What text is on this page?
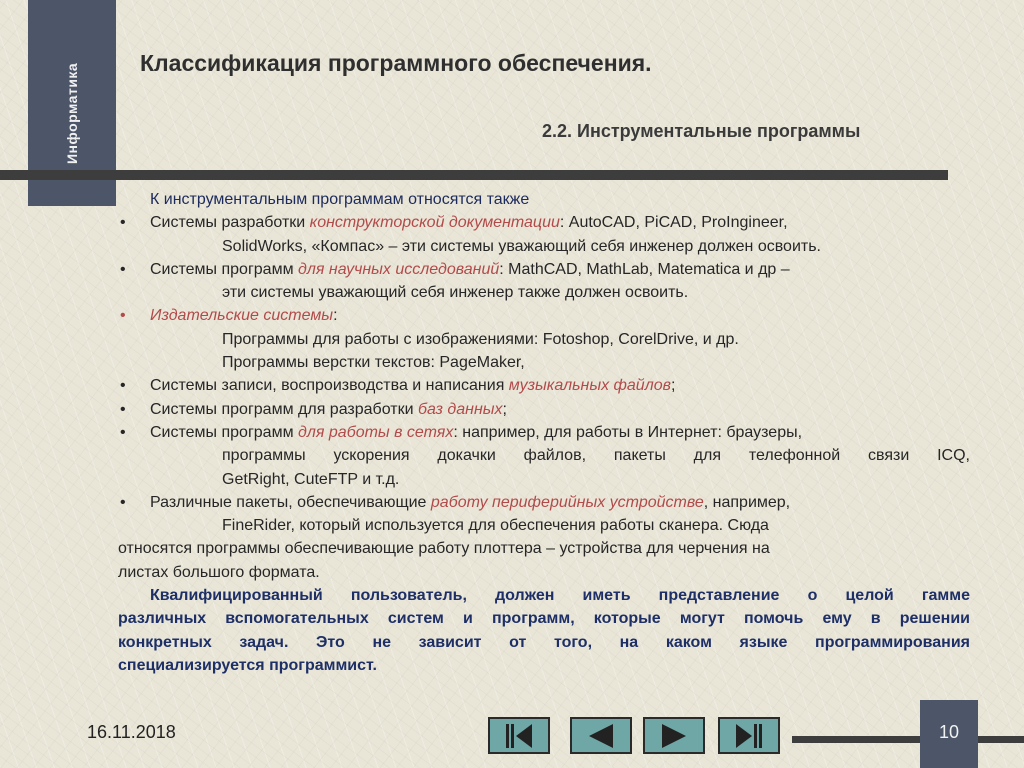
Информатика	Классификация программного обеспечения.
2.2. Инструментальные программы
К инструментальным программам относятся также
• Системы разработки конструкторской документации: AutoCAD, PiCAD, ProIngineer,
SolidWorks, «Компас» – эти системы уважающий себя инженер должен освоить.
• Системы программ для научных исследований: MathCAD, MathLab, Matematica и др –
эти системы уважающий себя инженер также должен освоить.
• Издательские системы:
Программы для работы с изображениями: Fotoshop, CorelDrive, и др.
Программы верстки текстов: PageMaker,
• Системы записи, воспроизводства и написания музыкальных файлов;
• Системы программ для разработки баз данных;
• Системы программ для работы в сетях: например, для работы в Интернет: браузеры,
программы ускорения докачки файлов, пакеты для телефонной связи ICQ,
GetRight, CuteFTP и т.д.
• Различные пакеты, обеспечивающие работу периферийных устройстве, например,
FineRider, который используется для обеспечения работы сканера. Сюда
относятся программы обеспечивающие работу плоттера – устройства для черчения на
листах большого формата.
Квалифицированный пользователь, должен иметь представление о целой гамме
различных вспомогательных систем и программ, которые могут помочь ему в решении
конкретных задач. Это не зависит от того, на каком языке программирования
специализируется программист.
16.11.2018	10
